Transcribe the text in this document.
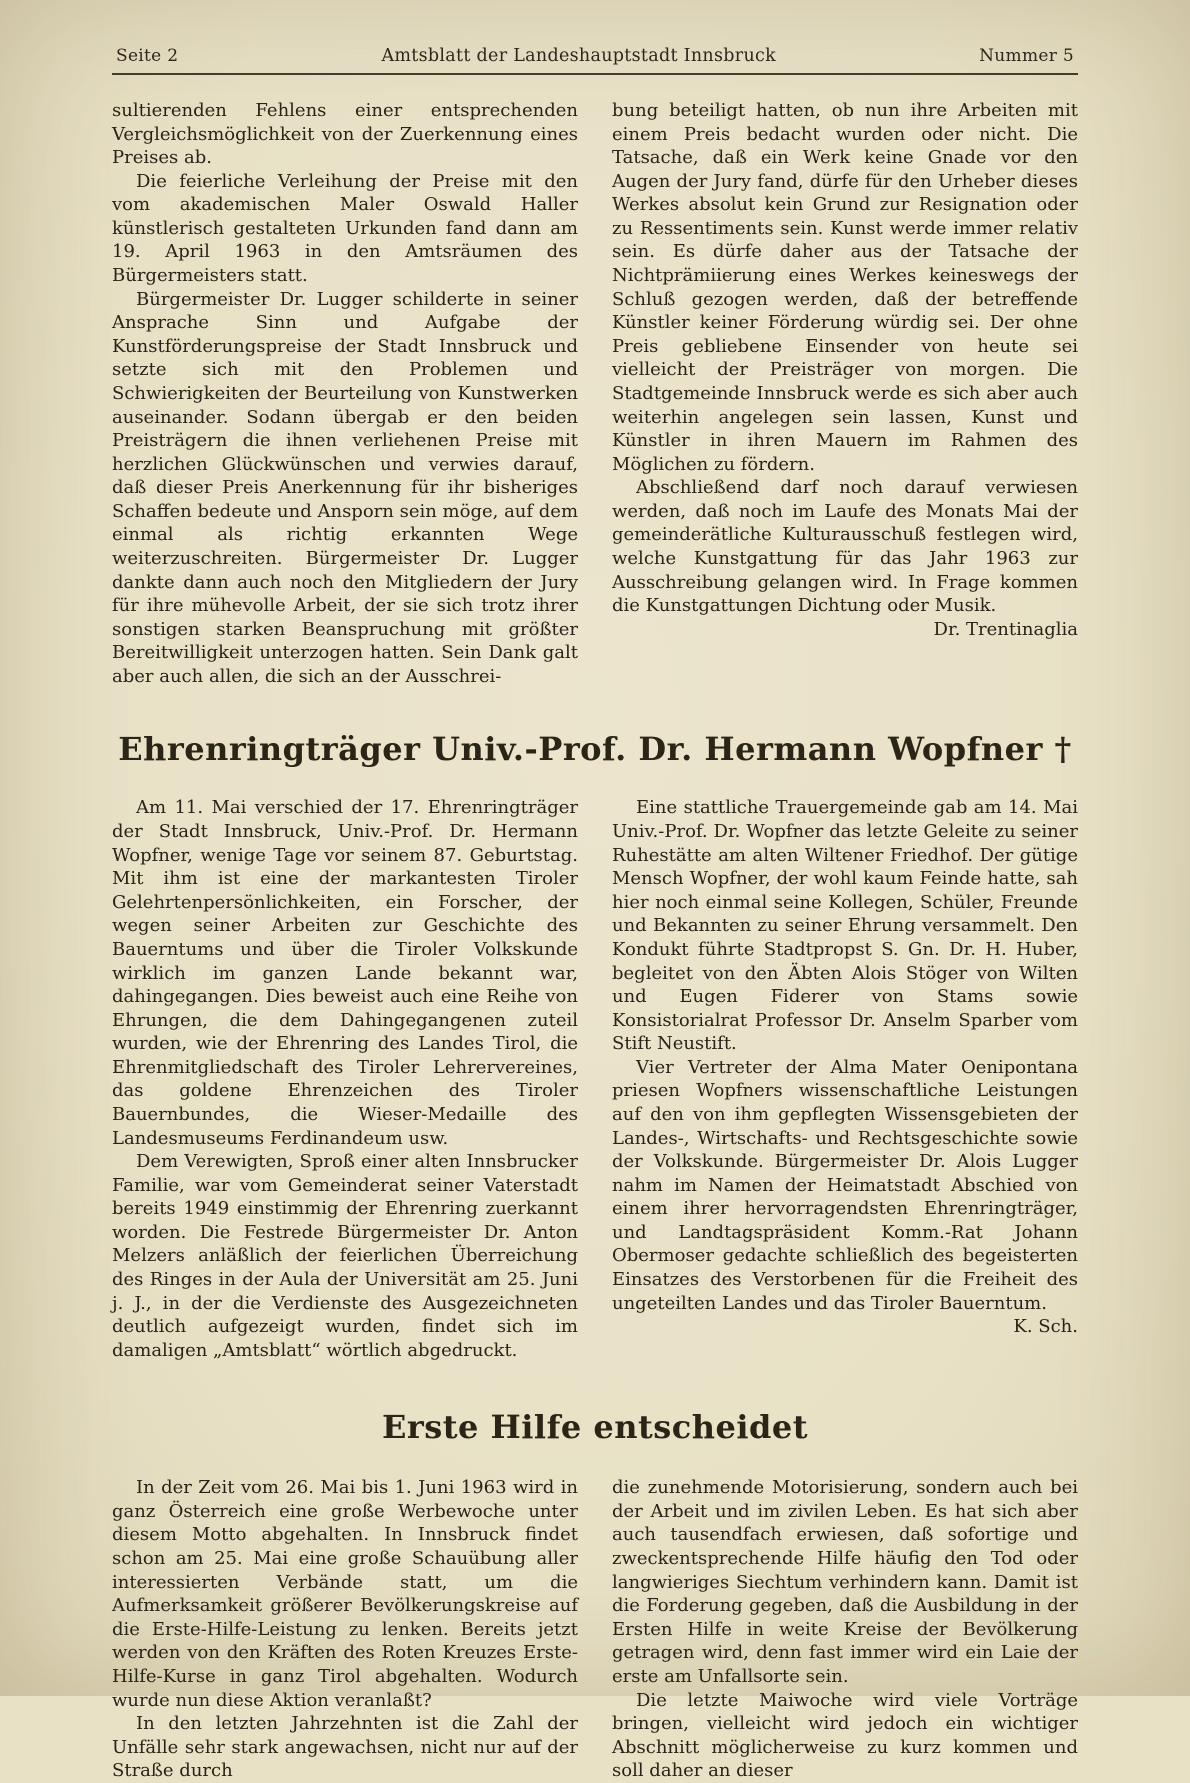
Seite 2	Amtsblatt der Landeshauptstadt Innsbruck	Nummer 5

sultierenden Fehlens einer entsprechenden Vergleichsmöglichkeit von der Zuerkennung eines Preises ab.

Die feierliche Verleihung der Preise mit den vom akademischen Maler Oswald Haller künstlerisch gestalteten Urkunden fand dann am 19. April 1963 in den Amtsräumen des Bürgermeisters statt.

Bürgermeister Dr. Lugger schilderte in seiner Ansprache Sinn und Aufgabe der Kunstförderungspreise der Stadt Innsbruck und setzte sich mit den Problemen und Schwierigkeiten der Beurteilung von Kunstwerken auseinander. Sodann übergab er den beiden Preisträgern die ihnen verliehenen Preise mit herzlichen Glückwünschen und verwies darauf, daß dieser Preis Anerkennung für ihr bisheriges Schaffen bedeute und Ansporn sein möge, auf dem einmal als richtig erkannten Wege weiterzuschreiten. Bürgermeister Dr. Lugger dankte dann auch noch den Mitgliedern der Jury für ihre mühevolle Arbeit, der sie sich trotz ihrer sonstigen starken Beanspruchung mit größter Bereitwilligkeit unterzogen hatten. Sein Dank galt aber auch allen, die sich an der Ausschrei-

bung beteiligt hatten, ob nun ihre Arbeiten mit einem Preis bedacht wurden oder nicht. Die Tatsache, daß ein Werk keine Gnade vor den Augen der Jury fand, dürfe für den Urheber dieses Werkes absolut kein Grund zur Resignation oder zu Ressentiments sein. Kunst werde immer relativ sein. Es dürfe daher aus der Tatsache der Nichtprämiierung eines Werkes keineswegs der Schluß gezogen werden, daß der betreffende Künstler keiner Förderung würdig sei. Der ohne Preis gebliebene Einsender von heute sei vielleicht der Preisträger von morgen. Die Stadtgemeinde Innsbruck werde es sich aber auch weiterhin angelegen sein lassen, Kunst und Künstler in ihren Mauern im Rahmen des Möglichen zu fördern.

Abschließend darf noch darauf verwiesen werden, daß noch im Laufe des Monats Mai der gemeinderätliche Kulturausschuß festlegen wird, welche Kunstgattung für das Jahr 1963 zur Ausschreibung gelangen wird. In Frage kommen die Kunstgattungen Dichtung oder Musik.
Dr. Trentinaglia

Ehrenringträger Univ.-Prof. Dr. Hermann Wopfner †

Am 11. Mai verschied der 17. Ehrenringträger der Stadt Innsbruck, Univ.-Prof. Dr. Hermann Wopfner, wenige Tage vor seinem 87. Geburtstag. Mit ihm ist eine der markantesten Tiroler Gelehrtenpersönlichkeiten, ein Forscher, der wegen seiner Arbeiten zur Geschichte des Bauerntums und über die Tiroler Volkskunde wirklich im ganzen Lande bekannt war, dahingegangen. Dies beweist auch eine Reihe von Ehrungen, die dem Dahingegangenen zuteil wurden, wie der Ehrenring des Landes Tirol, die Ehrenmitgliedschaft des Tiroler Lehrervereines, das goldene Ehrenzeichen des Tiroler Bauernbundes, die Wieser-Medaille des Landesmuseums Ferdinandeum usw.

Dem Verewigten, Sproß einer alten Innsbrucker Familie, war vom Gemeinderat seiner Vaterstadt bereits 1949 einstimmig der Ehrenring zuerkannt worden. Die Festrede Bürgermeister Dr. Anton Melzers anläßlich der feierlichen Überreichung des Ringes in der Aula der Universität am 25. Juni j. J., in der die Verdienste des Ausgezeichneten deutlich aufgezeigt wurden, findet sich im damaligen „Amtsblatt“ wörtlich abgedruckt.

Eine stattliche Trauergemeinde gab am 14. Mai Univ.-Prof. Dr. Wopfner das letzte Geleite zu seiner Ruhestätte am alten Wiltener Friedhof. Der gütige Mensch Wopfner, der wohl kaum Feinde hatte, sah hier noch einmal seine Kollegen, Schüler, Freunde und Bekannten zu seiner Ehrung versammelt. Den Kondukt führte Stadtpropst S. Gn. Dr. H. Huber, begleitet von den Äbten Alois Stöger von Wilten und Eugen Fiderer von Stams sowie Konsistorialrat Professor Dr. Anselm Sparber vom Stift Neustift.

Vier Vertreter der Alma Mater Oenipontana priesen Wopfners wissenschaftliche Leistungen auf den von ihm gepflegten Wissensgebieten der Landes-, Wirtschafts- und Rechtsgeschichte sowie der Volkskunde. Bürgermeister Dr. Alois Lugger nahm im Namen der Heimatstadt Abschied von einem ihrer hervorragendsten Ehrenringträger, und Landtagspräsident Komm.-Rat Johann Obermoser gedachte schließlich des begeisterten Einsatzes des Verstorbenen für die Freiheit des ungeteilten Landes und das Tiroler Bauerntum.
K. Sch.

Erste Hilfe entscheidet

In der Zeit vom 26. Mai bis 1. Juni 1963 wird in ganz Österreich eine große Werbewoche unter diesem Motto abgehalten. In Innsbruck findet schon am 25. Mai eine große Schauübung aller interessierten Verbände statt, um die Aufmerksamkeit größerer Bevölkerungskreise auf die Erste-Hilfe-Leistung zu lenken. Bereits jetzt werden von den Kräften des Roten Kreuzes Erste-Hilfe-Kurse in ganz Tirol abgehalten. Wodurch wurde nun diese Aktion veranlaßt?

In den letzten Jahrzehnten ist die Zahl der Unfälle sehr stark angewachsen, nicht nur auf der Straße durch

die zunehmende Motorisierung, sondern auch bei der Arbeit und im zivilen Leben. Es hat sich aber auch tausendfach erwiesen, daß sofortige und zweckentsprechende Hilfe häufig den Tod oder langwieriges Siechtum verhindern kann. Damit ist die Forderung gegeben, daß die Ausbildung in der Ersten Hilfe in weite Kreise der Bevölkerung getragen wird, denn fast immer wird ein Laie der erste am Unfallsorte sein.

Die letzte Maiwoche wird viele Vorträge bringen, vielleicht wird jedoch ein wichtiger Abschnitt möglicherweise zu kurz kommen und soll daher an dieser
